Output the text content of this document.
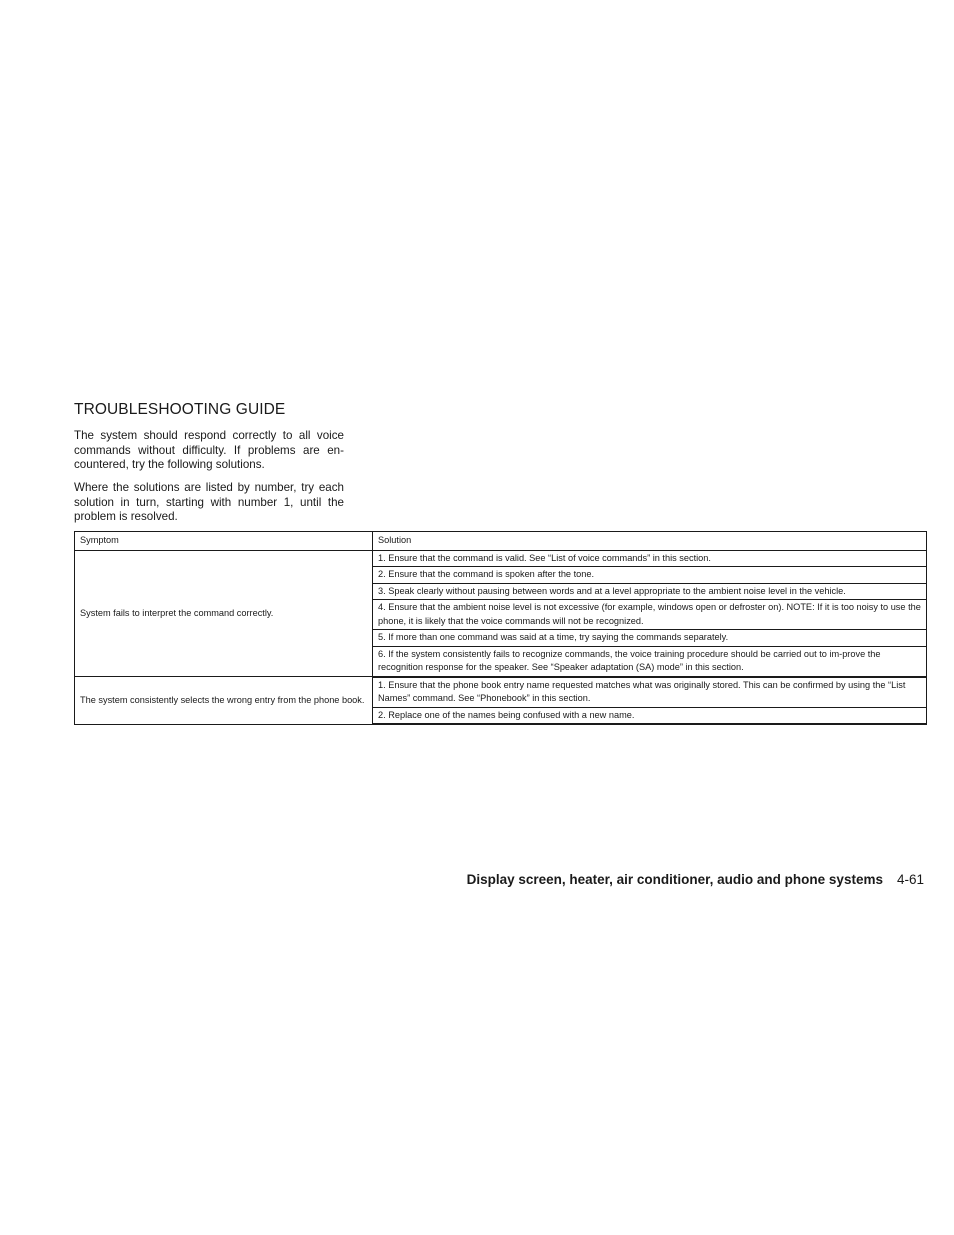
TROUBLESHOOTING GUIDE

The system should respond correctly to all voice commands without difficulty. If problems are en-countered, try the following solutions.

Where the solutions are listed by number, try each solution in turn, starting with number 1, until the problem is resolved.

Symptom	Solution
System fails to interpret the command correctly.	1. Ensure that the command is valid. See “List of voice commands” in this section.
	2. Ensure that the command is spoken after the tone.
	3. Speak clearly without pausing between words and at a level appropriate to the ambient noise level in the vehicle.
	4. Ensure that the ambient noise level is not excessive (for example, windows open or defroster on). NOTE: If it is too noisy to use the phone, it is likely that the voice commands will not be recognized.
	5. If more than one command was said at a time, try saying the commands separately.
	6. If the system consistently fails to recognize commands, the voice training procedure should be carried out to im-prove the recognition response for the speaker. See “Speaker adaptation (SA) mode” in this section.
The system consistently selects the wrong entry from the phone book.	1. Ensure that the phone book entry name requested matches what was originally stored. This can be confirmed by using the “List Names” command. See “Phonebook” in this section.
	2. Replace one of the names being confused with a new name.
Display screen, heater, air conditioner, audio and phone systems 4-61
